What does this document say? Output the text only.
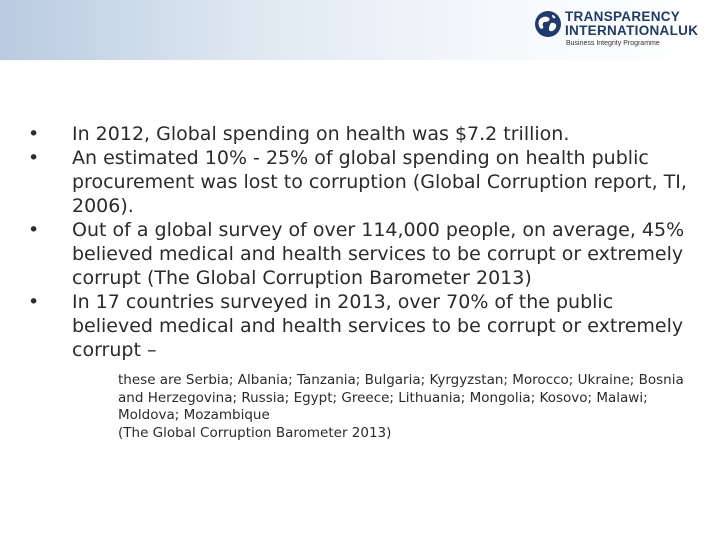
TRANSPARENCY
INTERNATIONALUK
Business Integrity Programme
• In 2012, Global spending on health was $7.2 trillion.
• An estimated 10% - 25% of global spending on health public procurement was lost to corruption (Global Corruption report, TI, 2006).
• Out of a global survey of over 114,000 people, on average, 45% believed medical and health services to be corrupt or extremely corrupt (The Global Corruption Barometer 2013)
• In 17 countries surveyed in 2013, over 70% of the public believed medical and health services to be corrupt or extremely corrupt –

these are Serbia; Albania; Tanzania; Bulgaria; Kyrgyzstan; Morocco; Ukraine; Bosnia and Herzegovina; Russia; Egypt; Greece; Lithuania; Mongolia; Kosovo; Malawi; Moldova; Mozambique

(The Global Corruption Barometer 2013)
